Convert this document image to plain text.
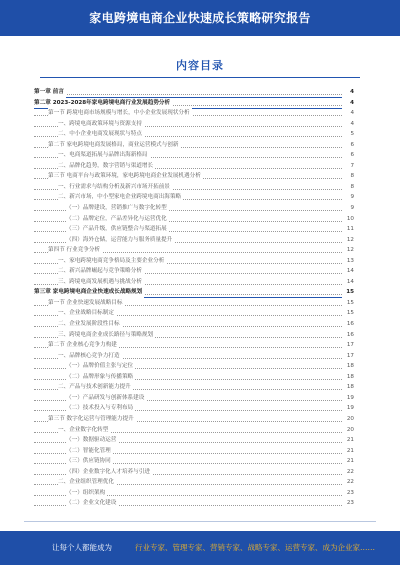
家电跨境电商企业快速成长策略研究报告
内容目录
第一章 前言	4
第二章 2023-2028年家电跨境电商行业发展趋势分析	4
第一节 跨境电商市场规模与增长，中小企业发展现状分析	4
一、跨境电商政策环境与资源支持	4
二、中小企业电商发展现状与特点	5
第二节 家电跨境电商发展格局，商业运营模式与创新	6
一、电商渠道拓展与品牌出海新格局	6
二、品牌化趋势，数字营销与渠道增长	7
第三节 电商平台与政策环境，家电跨境电商企业发展机遇分析	8
一、行业需求与结构分析及新兴市场开拓前景	8
二、新兴市场，中小型家电企业跨境电商出海策略	9
（一）品牌建设，营销推广与数字化转型	9
（二）品牌定位，产品差异化与运营优化	10
（三）产品升级，供应链整合与渠道拓展	11
（四）海外仓储，运营能力与服务质量提升	12
第四节 行业竞争分析	12
一、家电跨境电商竞争格局及主要企业分析	13
二、新兴品牌崛起与竞争策略分析	14
三、跨境电商发展机遇与挑战分析	14
第三章 家电跨境电商企业快速成长战略规划	15
第一节 企业快速发展战略目标	15
一、企业战略目标制定	15
二、企业发展阶段性目标	16
三、跨境电商企业成长路径与策略规划	16
第二节 企业核心竞争力构建	17
一、品牌核心竞争力打造	17
（一）品牌价值主张与定位	18
（二）品牌形象与传播策略	18
二、产品与技术创新能力提升	18
（一）产品研发与创新体系建设	19
（二）技术投入与专利布局	19
第三节 数字化运营与管理能力提升	20
一、企业数字化转型	20
（一）数据驱动运营	21
（二）智能化管理	21
（三）供应链协同	21
（四）企业数字化人才培养与引进	22
二、企业组织管理优化	22
（一）组织架构	23
（二）企业文化建设	23
让每个人都能成为	行业专家、管理专家、营销专家、战略专家、运营专家、成为企业家……
